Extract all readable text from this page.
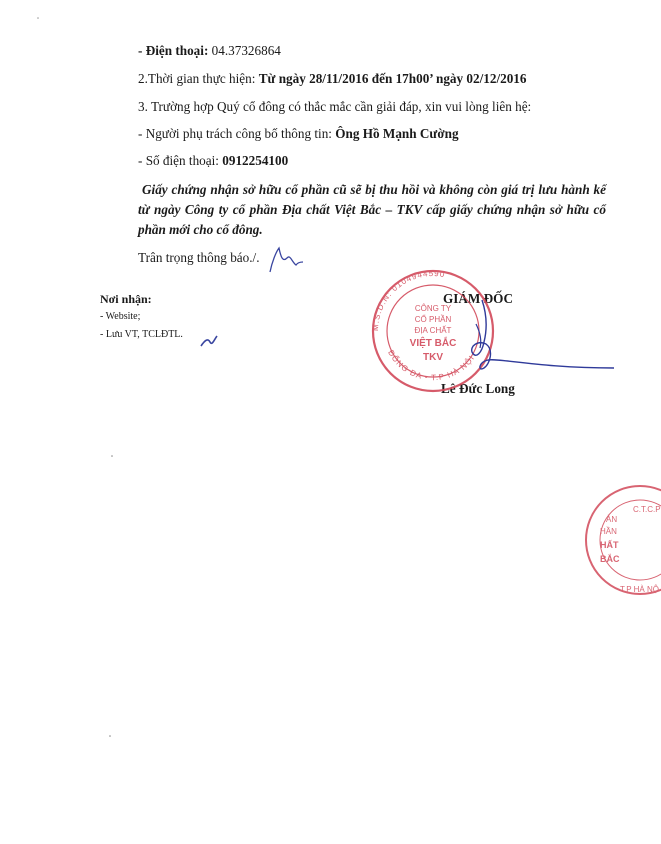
- Điện thoại: 04.37326864
2.Thời gian thực hiện: Từ ngày 28/11/2016 đến 17h00’ ngày 02/12/2016
3. Trường hợp Quý cổ đông có thắc mắc cần giải đáp, xin vui lòng liên hệ:
- Người phụ trách công bố thông tin: Ông Hồ Mạnh Cường
- Số điện thoại: 0912254100
Giấy chứng nhận sở hữu cổ phần cũ sẽ bị thu hồi và không còn giá trị lưu hành kể từ ngày Công ty cổ phần Địa chất Việt Bắc – TKV cấp giấy chứng nhận sở hữu cổ phần mới cho cổ đông.
Trân trọng thông báo./.
Nơi nhận:
- Website;
- Lưu VT, TCLĐTL.
GIÁM ĐỐC
Lê Đức Long
M.S.D.N: 0104944590
ĐỐNG ĐA - T.P HÀ NỘI
CÔNG TY
CỔ PHẦN
ĐỊA CHẤT
VIỆT BẮC
TKV
ÀN
HẦN
HẤT
BẮC
C.T.C.P
T.P HÀ NỘ
